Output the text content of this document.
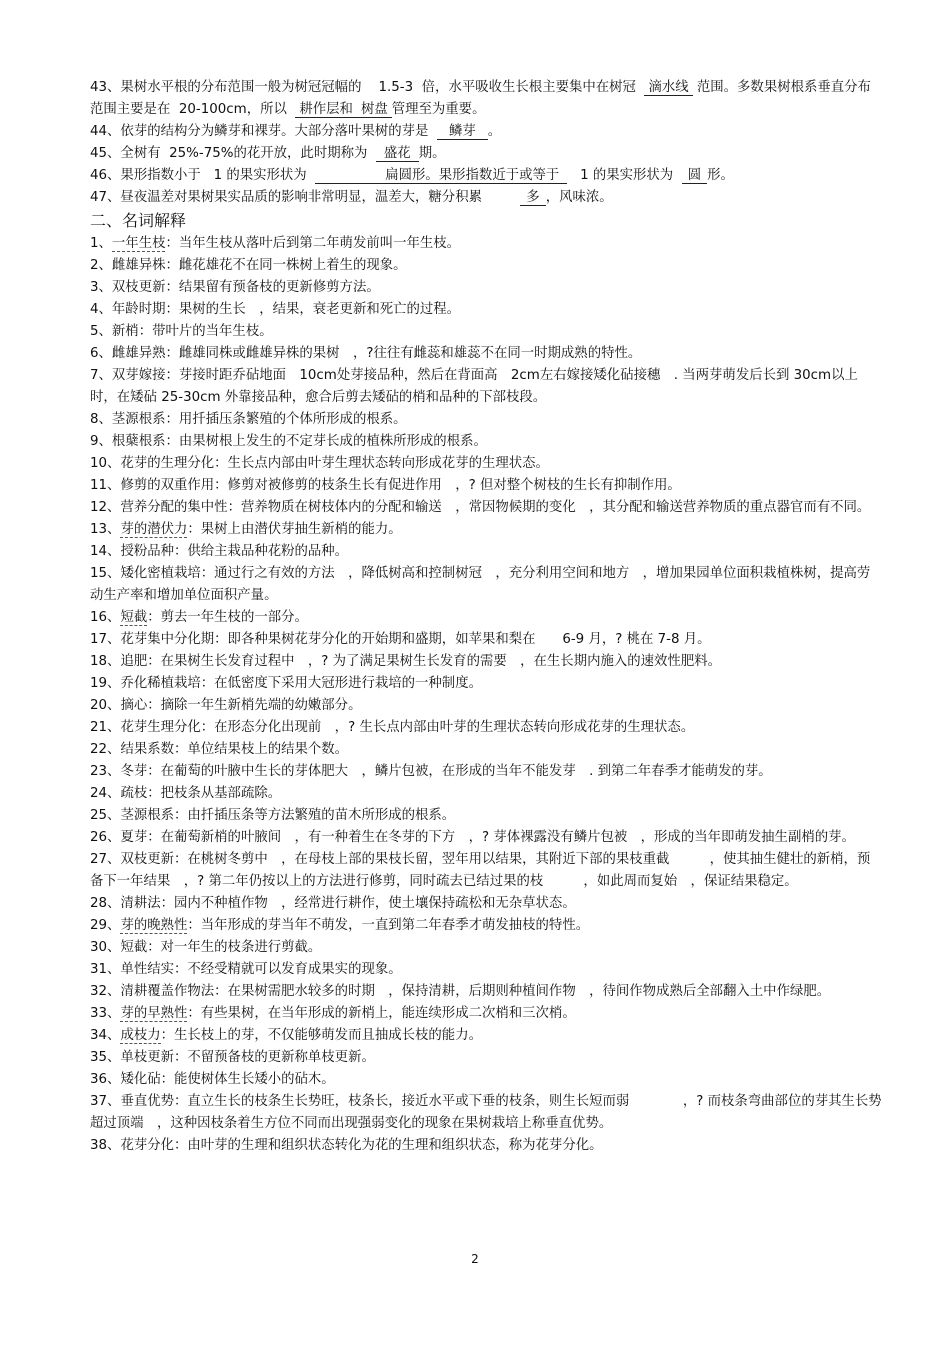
43、果树水平根的分布范围一般为树冠冠幅的 1.5-3 倍，水平吸收生长根主要集中在树冠 滴水线 范围。多数果树根系垂直分布范围主要是在 20-100cm，所以 耕作层和 树盘 管理至为重要。

44、依芽的结构分为鳞芽和裸芽。大部分落叶果树的芽是 鳞芽 。

45、全树有 25%-75%的花开放，此时期称为 盛花 期。

46、果形指数小于 1 的果实形状为	扁圆形。果形指数近于或等于 1 的果实形状为 圆 形。

47、昼夜温差对果树果实品质的影响非常明显，温差大，糖分积累	多 ，风味浓。

二、名词解释

1、一年生枝：当年生枝从落叶后到第二年萌发前叫一年生枝。

2、雌雄异株：雌花雄花不在同一株树上着生的现象。

3、双枝更新：结果留有预备枝的更新修剪方法。

4、年龄时期：果树的生长　，结果，衰老更新和死亡的过程。

5、新梢：带叶片的当年生枝。

6、雌雄异熟：雌雄同株或雌雄异株的果树　，?往往有雌蕊和雄蕊不在同一时期成熟的特性。

7、双芽嫁接：芽接时距乔砧地面　10cm处芽接品种，然后在背面高　2cm左右嫁接矮化砧接穗　. 当两芽萌发后长到 30cm以上时，在矮砧 25-30cm 外靠接品种，愈合后剪去矮砧的梢和品种的下部枝段。

8、茎源根系：用扦插压条繁殖的个体所形成的根系。

9、根蘖根系：由果树根上发生的不定芽长成的植株所形成的根系。

10、花芽的生理分化：生长点内部由叶芽生理状态转向形成花芽的生理状态。

11、修剪的双重作用：修剪对被修剪的枝条生长有促进作用　，? 但对整个树枝的生长有抑制作用。

12、营养分配的集中性：营养物质在树枝体内的分配和输送　，常因物候期的变化　，其分配和输送营养物质的重点器官而有不同。

13、芽的潜伏力：果树上由潜伏芽抽生新梢的能力。

14、授粉品种：供给主栽品种花粉的品种。

15、矮化密植栽培：通过行之有效的方法　，降低树高和控制树冠　，充分利用空间和地方　，增加果园单位面积栽植株树，提高劳动生产率和增加单位面积产量。

16、短截：剪去一年生枝的一部分。

17、花芽集中分化期：即各种果树花芽分化的开始期和盛期，如苹果和梨在　　6-9 月，? 桃在 7-8 月。

18、追肥：在果树生长发育过程中　，? 为了满足果树生长发育的需要　，在生长期内施入的速效性肥料。

19、乔化稀植栽培：在低密度下采用大冠形进行栽培的一种制度。

20、摘心：摘除一年生新梢先端的幼嫩部分。

21、花芽生理分化：在形态分化出现前　，? 生长点内部由叶芽的生理状态转向形成花芽的生理状态。

22、结果系数：单位结果枝上的结果个数。

23、冬芽：在葡萄的叶腋中生长的芽体肥大　，鳞片包被，在形成的当年不能发芽　. 到第二年春季才能萌发的芽。

24、疏枝：把枝条从基部疏除。

25、茎源根系：由扦插压条等方法繁殖的苗木所形成的根系。

26、夏芽：在葡萄新梢的叶腋间　，有一种着生在冬芽的下方　，? 芽体裸露没有鳞片包被　，形成的当年即萌发抽生副梢的芽。

27、双枝更新：在桃树冬剪中　，在母枝上部的果枝长留，翌年用以结果，其附近下部的果枝重截　　　，使其抽生健壮的新梢，预备下一年结果　，? 第二年仍按以上的方法进行修剪，同时疏去已结过果的枝　　　，如此周而复始　，保证结果稳定。

28、清耕法：园内不种植作物　，经常进行耕作，使土壤保持疏松和无杂草状态。

29、芽的晚熟性：当年形成的芽当年不萌发，一直到第二年春季才萌发抽枝的特性。

30、短截：对一年生的枝条进行剪截。

31、单性结实：不经受精就可以发育成果实的现象。

32、清耕覆盖作物法：在果树需肥水较多的时期　，保持清耕，后期则种植间作物　，待间作物成熟后全部翻入土中作绿肥。

33、芽的早熟性：有些果树，在当年形成的新梢上，能连续形成二次梢和三次梢。

34、成枝力：生长枝上的芽，不仅能够萌发而且抽成长枝的能力。

35、单枝更新：不留预备枝的更新称单枝更新。

36、矮化砧：能使树体生长矮小的砧木。

37、垂直优势：直立生长的枝条生长势旺，枝条长，接近水平或下垂的枝条，则生长短而弱　　　　，? 而枝条弯曲部位的芽其生长势超过顶端　，这种因枝条着生方位不同而出现强弱变化的现象在果树栽培上称垂直优势。

38、花芽分化：由叶芽的生理和组织状态转化为花的生理和组织状态，称为花芽分化。

2
